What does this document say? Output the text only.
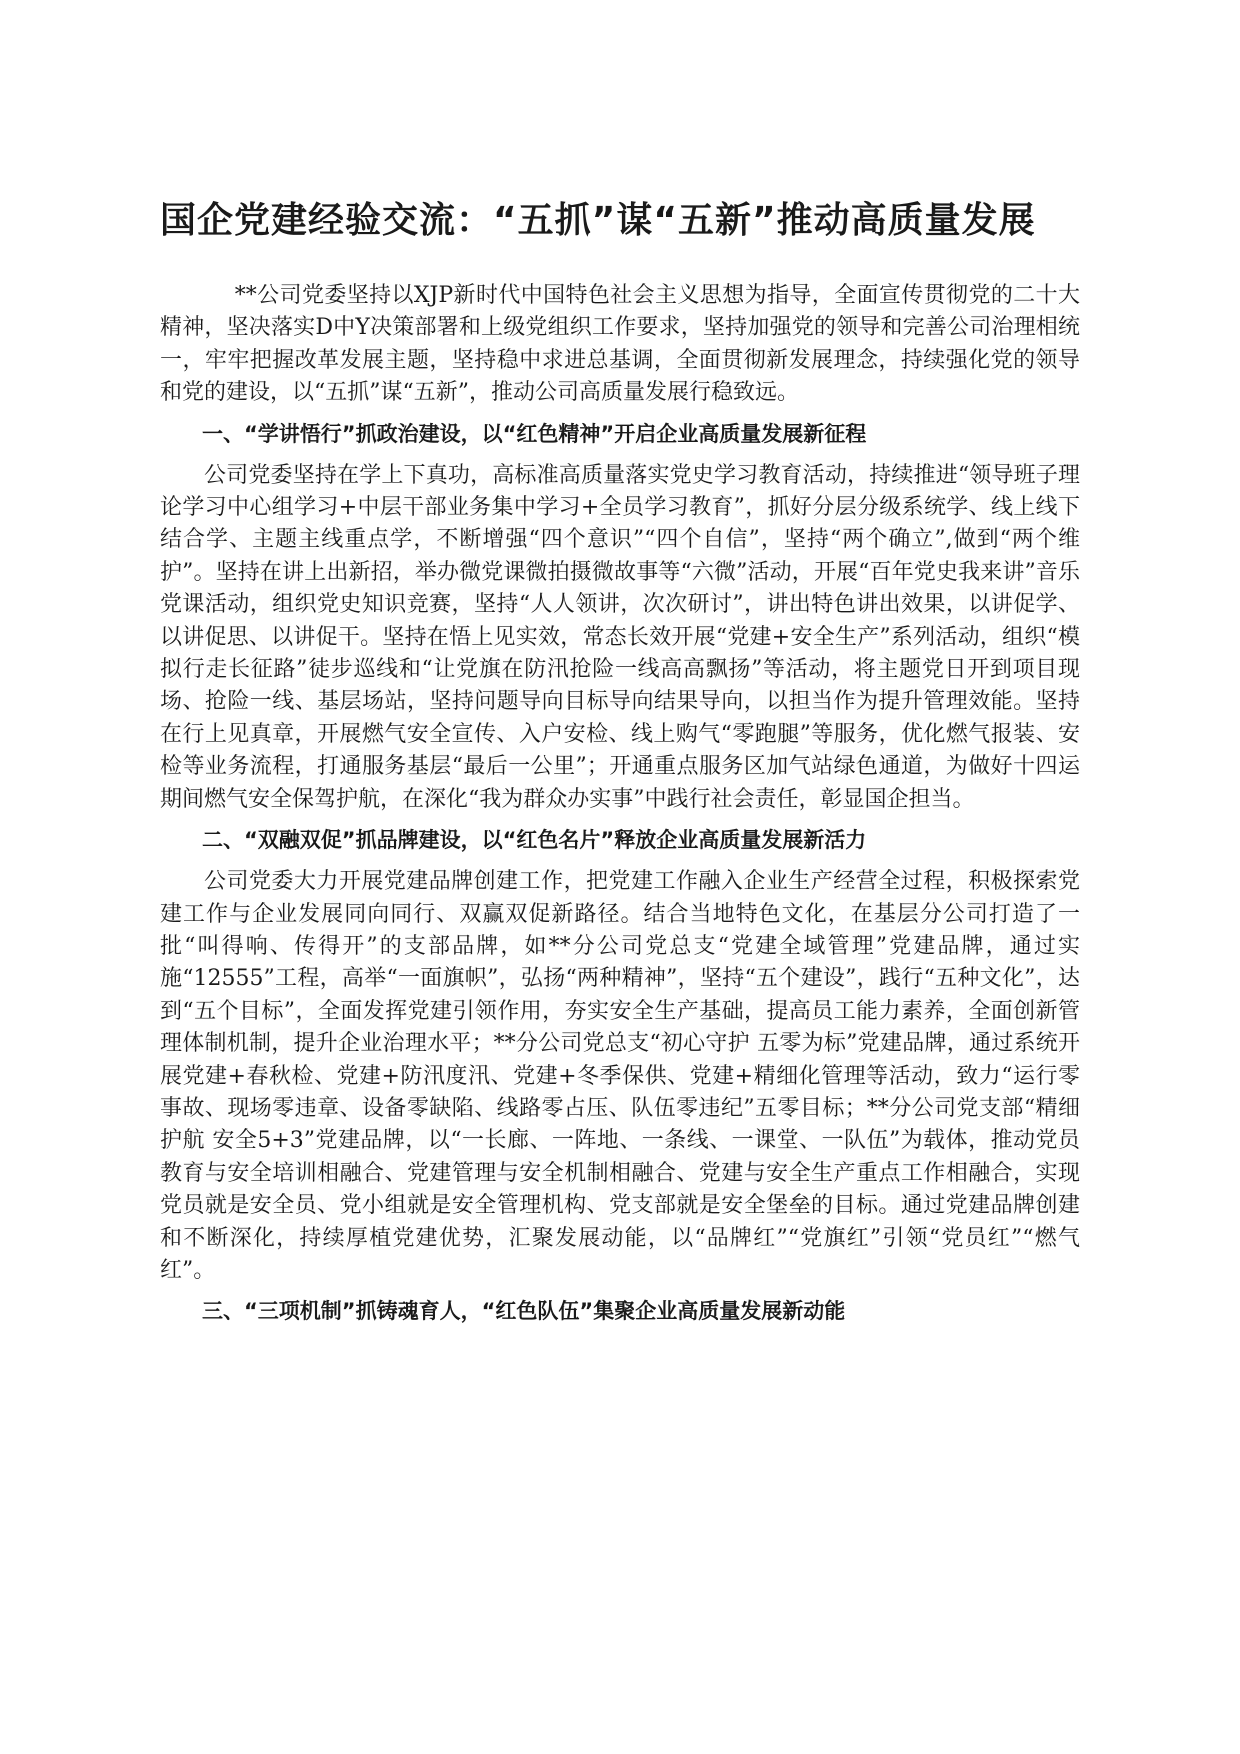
国企党建经验交流：“五抓”谋“五新”推动高质量发展

**公司党委坚持以XJP新时代中国特色社会主义思想为指导，全面宣传贯彻党的二十大精神，坚决落实D中Y决策部署和上级党组织工作要求，坚持加强党的领导和完善公司治理相统一，牢牢把握改革发展主题，坚持稳中求进总基调，全面贯彻新发展理念，持续强化党的领导和党的建设，以“五抓”谋“五新”，推动公司高质量发展行稳致远。

一、“学讲悟行”抓政治建设，以“红色精神”开启企业高质量发展新征程

公司党委坚持在学上下真功，高标准高质量落实党史学习教育活动，持续推进“领导班子理论学习中心组学习+中层干部业务集中学习+全员学习教育”，抓好分层分级系统学、线上线下结合学、主题主线重点学，不断增强“四个意识”“四个自信”，坚持“两个确立”,做到“两个维护”。坚持在讲上出新招，举办微党课微拍摄微故事等“六微”活动，开展“百年党史我来讲”音乐党课活动，组织党史知识竞赛，坚持“人人领讲，次次研讨”，讲出特色讲出效果，以讲促学、以讲促思、以讲促干。坚持在悟上见实效，常态长效开展“党建+安全生产”系列活动，组织“模拟行走长征路”徒步巡线和“让党旗在防汛抢险一线高高飘扬”等活动，将主题党日开到项目现场、抢险一线、基层场站，坚持问题导向目标导向结果导向，以担当作为提升管理效能。坚持在行上见真章，开展燃气安全宣传、入户安检、线上购气“零跑腿”等服务，优化燃气报装、安检等业务流程，打通服务基层“最后一公里”；开通重点服务区加气站绿色通道，为做好十四运期间燃气安全保驾护航，在深化“我为群众办实事”中践行社会责任，彰显国企担当。

二、“双融双促”抓品牌建设，以“红色名片”释放企业高质量发展新活力

公司党委大力开展党建品牌创建工作，把党建工作融入企业生产经营全过程，积极探索党建工作与企业发展同向同行、双赢双促新路径。结合当地特色文化，在基层分公司打造了一批“叫得响、传得开”的支部品牌，如**分公司党总支“党建全域管理”党建品牌，通过实施“12555”工程，高举“一面旗帜”，弘扬“两种精神”，坚持“五个建设”，践行“五种文化”，达到“五个目标”，全面发挥党建引领作用，夯实安全生产基础，提高员工能力素养，全面创新管理体制机制，提升企业治理水平；**分公司党总支“初心守护 五零为标”党建品牌，通过系统开展党建+春秋检、党建+防汛度汛、党建+冬季保供、党建+精细化管理等活动，致力“运行零事故、现场零违章、设备零缺陷、线路零占压、队伍零违纪”五零目标；**分公司党支部“精细护航 安全5+3”党建品牌，以“一长廊、一阵地、一条线、一课堂、一队伍”为载体，推动党员教育与安全培训相融合、党建管理与安全机制相融合、党建与安全生产重点工作相融合，实现党员就是安全员、党小组就是安全管理机构、党支部就是安全堡垒的目标。通过党建品牌创建和不断深化，持续厚植党建优势，汇聚发展动能，以“品牌红”“党旗红”引领“党员红”“燃气红”。

三、“三项机制”抓铸魂育人，“红色队伍”集聚企业高质量发展新动能
